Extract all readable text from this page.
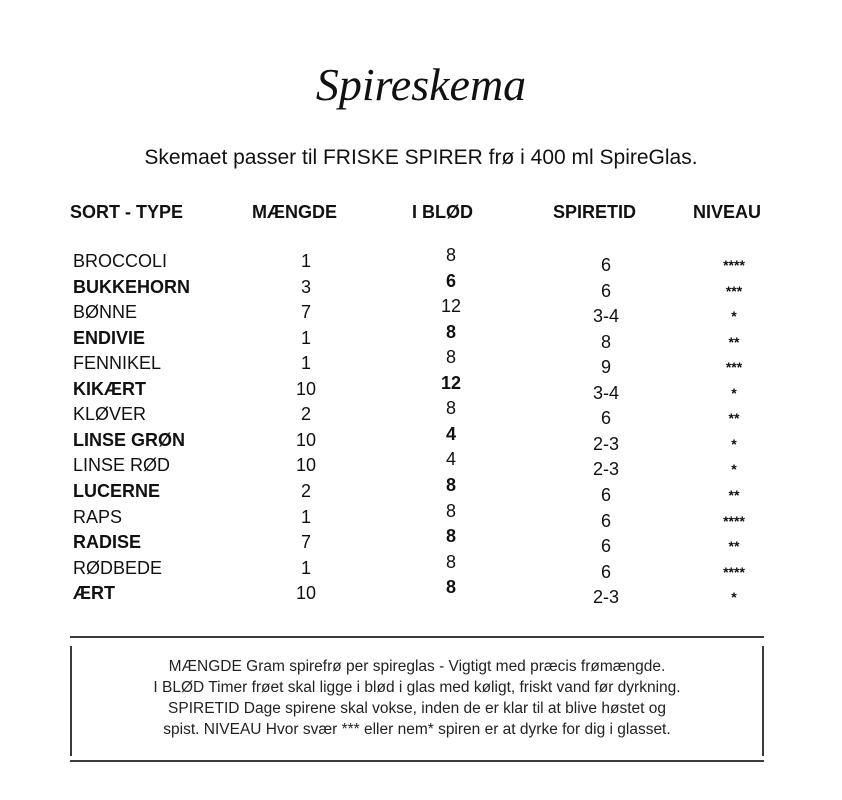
Spireskema
Skemaet passer til FRISKE SPIRER frø i 400 ml SpireGlas.
SORT - TYPE	MÆNGDE	I BLØD	SPIRETID	NIVEAU
BROCCOLI	1	8	6	****
BUKKEHORN	3	6	6	***
BØNNE	7	12	3-4	*
ENDIVIE	1	8	8	**
FENNIKEL	1	8	9	***
KIKÆRT	10	12	3-4	*
KLØVER	2	8	6	**
LINSE GRØN	10	4	2-3	*
LINSE RØD	10	4	2-3	*
LUCERNE	2	8	6	**
RAPS	1	8	6	****
RADISE	7	8	6	**
RØDBEDE	1	8	6	****
ÆRT	10	8	2-3	*
MÆNGDE Gram spirefrø per spireglas - Vigtigt med præcis frømængde.
I BLØD Timer frøet skal ligge i blød i glas med køligt, friskt vand før dyrkning.
SPIRETID Dage spirene skal vokse, inden de er klar til at blive høstet og
spist. NIVEAU Hvor svær *** eller nem* spiren er at dyrke for dig i glasset.
